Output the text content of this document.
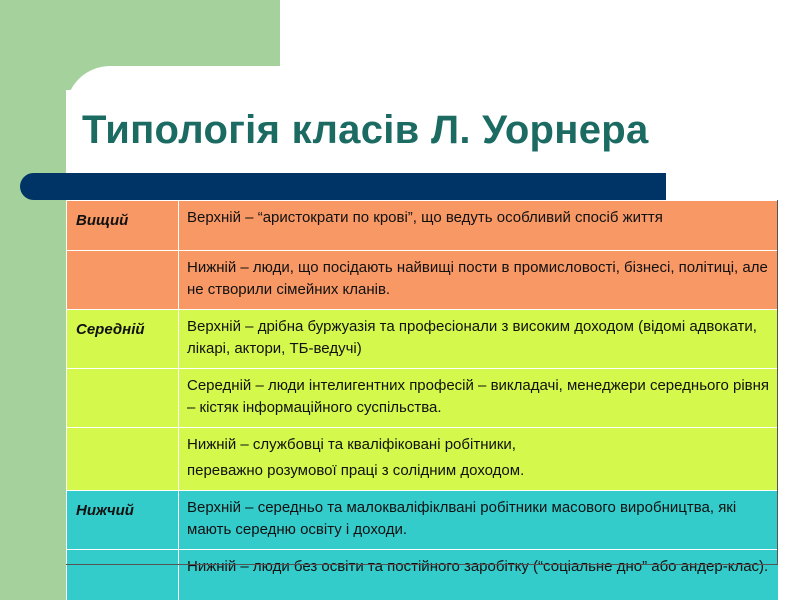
Типологія класів Л. Уорнера
Вищий	Верхній – “аристократи по крові”, що ведуть особливий спосіб життя

	Нижній – люди, що посідають найвищі пости в промисловості, бізнесі, політиці, але не створили сімейних кланів.

Середній	Верхній – дрібна буржуазія та професіонали з високим доходом (відомі адвокати, лікарі, актори, ТБ-ведучі)

	Середній – люди інтелигентних професій – викладачі, менеджери середнього рівня – кістяк інформаційного суспільства.

	Нижній – службовці та кваліфіковані робітники,
переважно розумової праці з солідним доходом.

Нижчий	Верхній – середньо та малокваліфіклвані робітники масового виробництва, які мають середню освіту і доходи.

	Нижній – люди без освіти та постійного заробітку (“соціальне дно” або андер-клас).
